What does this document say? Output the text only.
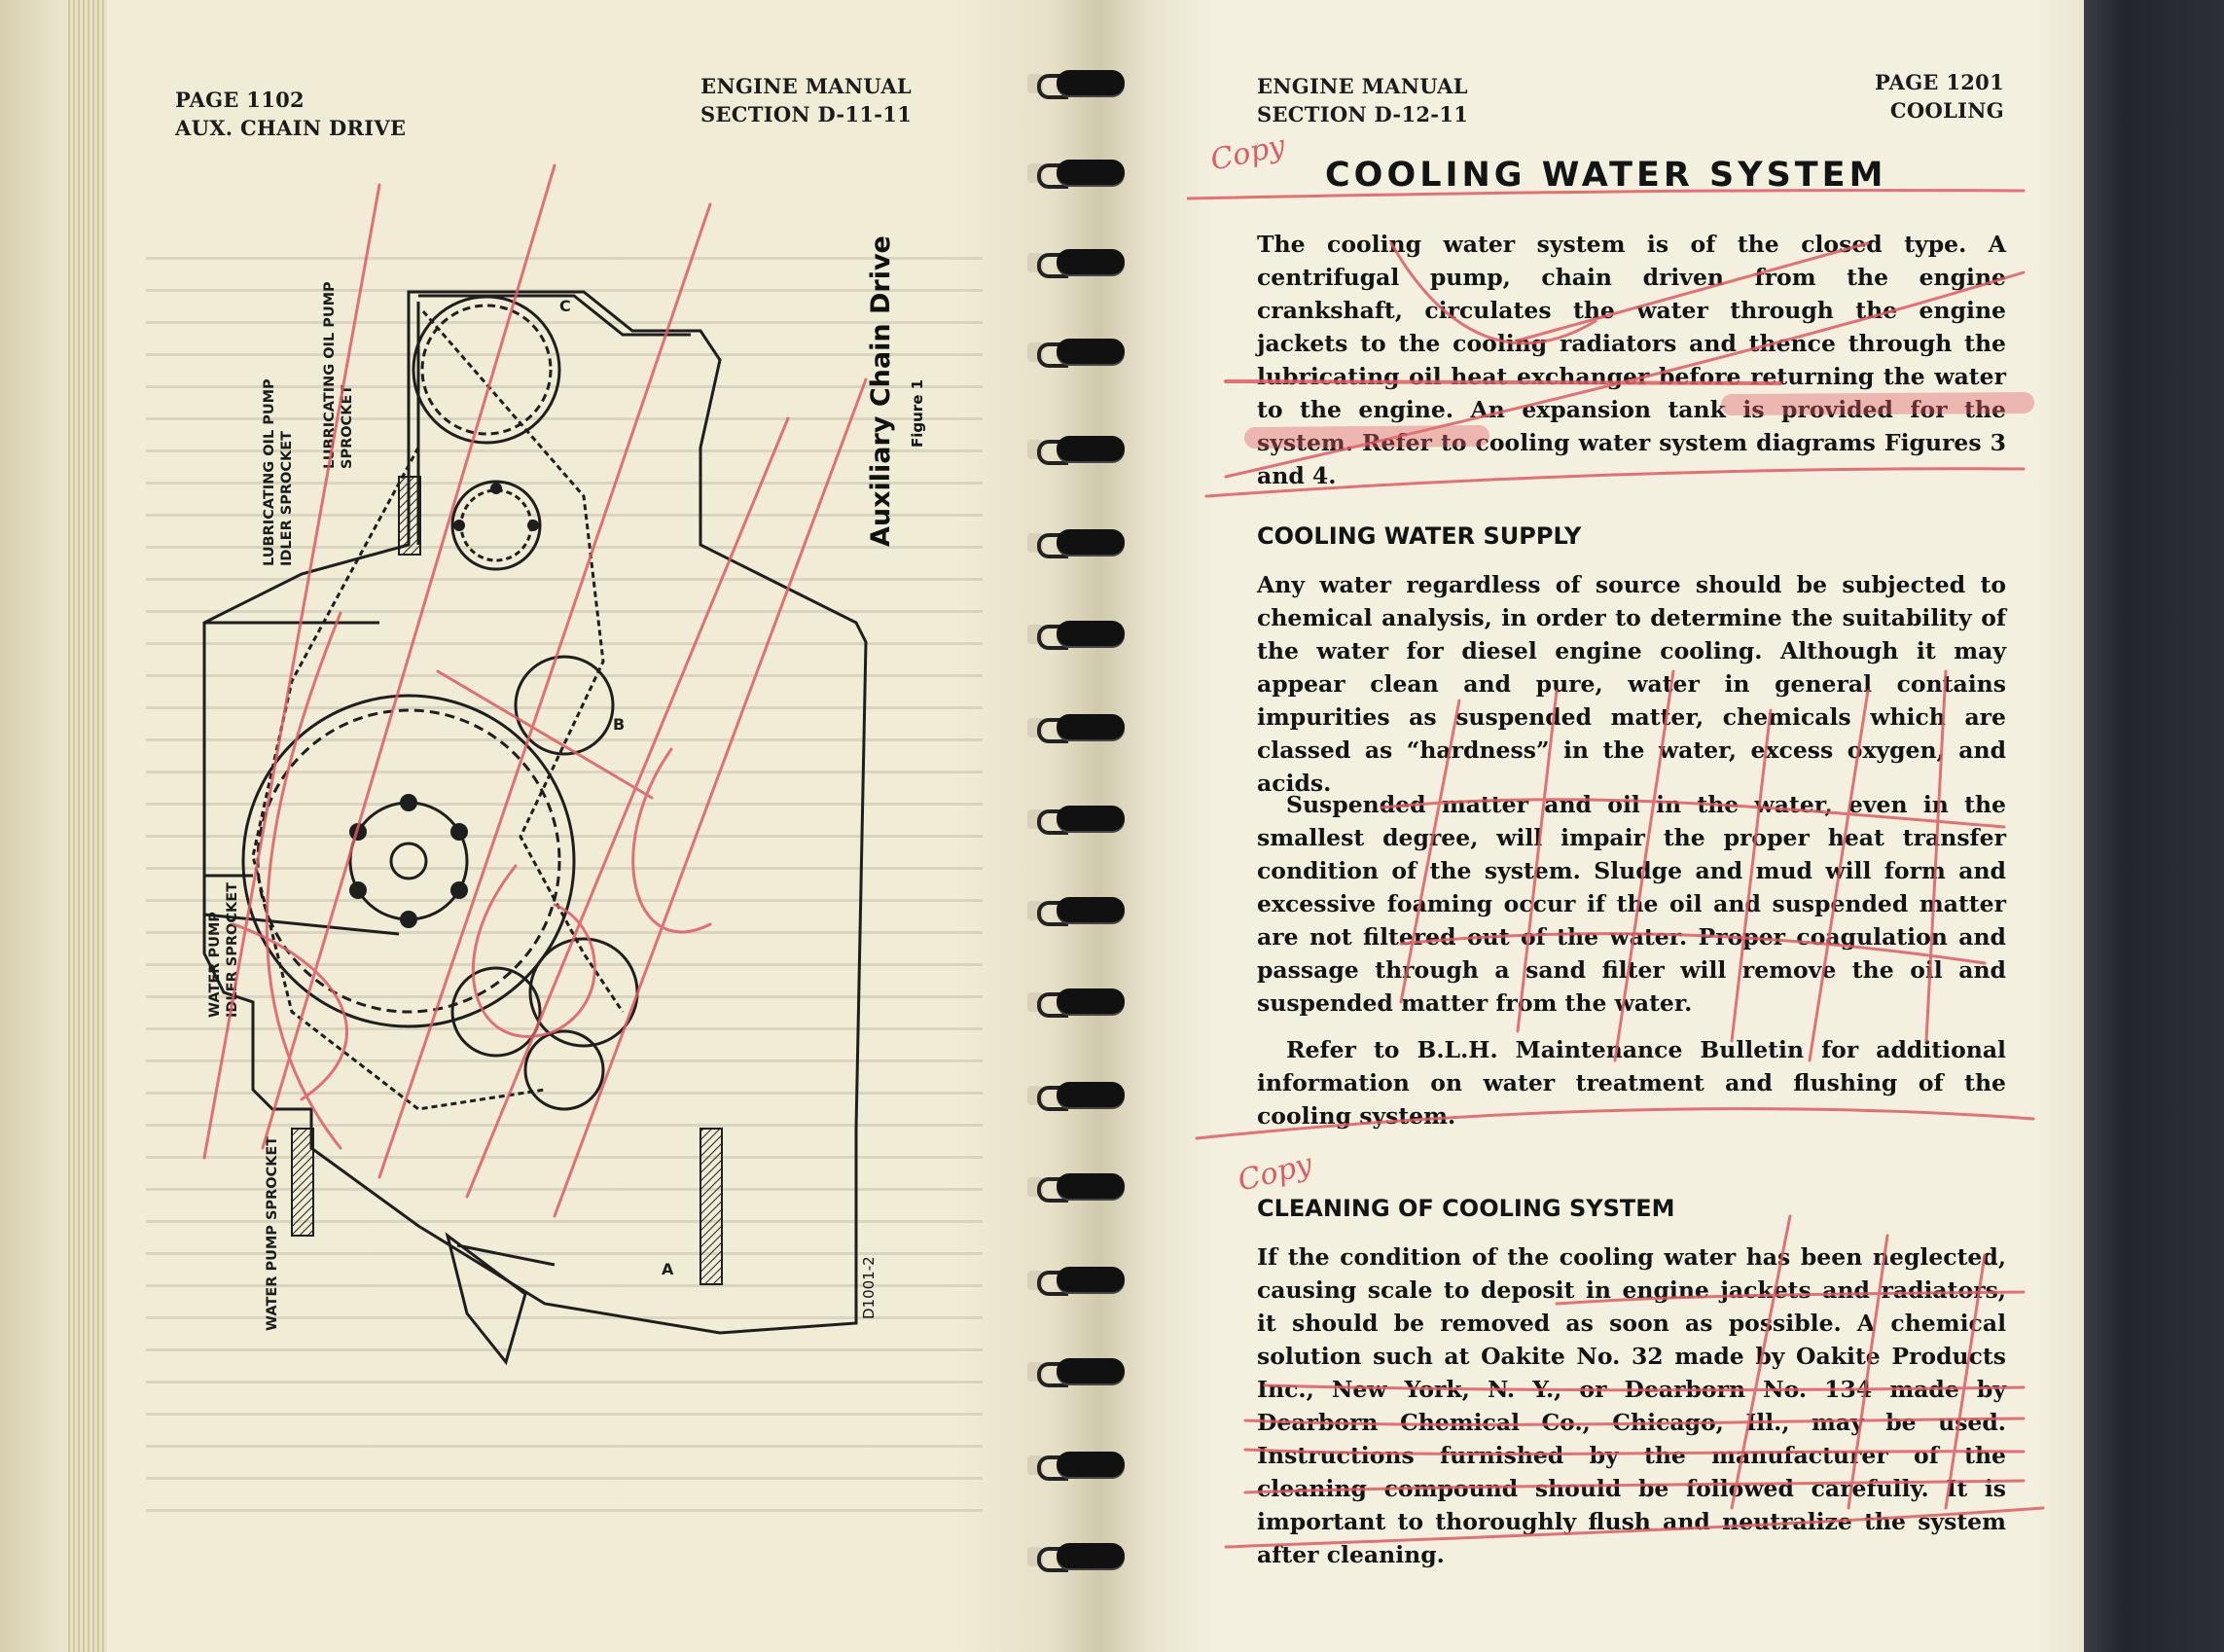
PAGE 1102
AUX. CHAIN DRIVE
ENGINE MANUAL
SECTION D-11-11
C
B
A
LUBRICATING OIL PUMP IDLER SPROCKET
LUBRICATING OIL PUMP SPROCKET
WATER PUMP IDLER SPROCKET
WATER PUMP SPROCKET
Auxiliary Chain Drive Figure 1
D1001-2
ENGINE MANUAL
SECTION D-12-11
PAGE 1201
COOLING
Copy
Copy
COOLING WATER SYSTEM
The cooling water system is of the closed type. A centrifugal pump, chain driven from the engine crankshaft, circulates the water through the engine jackets to the cooling radiators and thence through the lubricating oil heat exchanger before returning the water to the engine. An expansion tank is provided for the system. Refer to cooling water system diagrams Figures 3 and 4.
COOLING WATER SUPPLY
Any water regardless of source should be subjected to chemical analysis, in order to determine the suitability of the water for diesel engine cooling. Although it may appear clean and pure, water in general contains impurities as suspended matter, chemicals which are classed as “hardness” in the water, excess oxygen, and acids.
Suspended matter and oil in the water, even in the smallest degree, will impair the proper heat transfer condition of the system. Sludge and mud will form and excessive foaming occur if the oil and suspended matter are not filtered out of the water. Proper coagulation and passage through a sand filter will remove the oil and suspended matter from the water.
Refer to B.L.H. Maintenance Bulletin for additional information on water treatment and flushing of the cooling system.
CLEANING OF COOLING SYSTEM
If the condition of the cooling water has been neglected, causing scale to deposit in engine jackets and radiators, it should be removed as soon as possible. A chemical solution such at Oakite No. 32 made by Oakite Products Inc., New York, N. Y., or Dearborn No. 134 made by Dearborn Chemical Co., Chicago, Ill., may be used. Instructions furnished by the manufacturer of the cleaning compound should be followed carefully. It is important to thoroughly flush and neutralize the system after cleaning.
